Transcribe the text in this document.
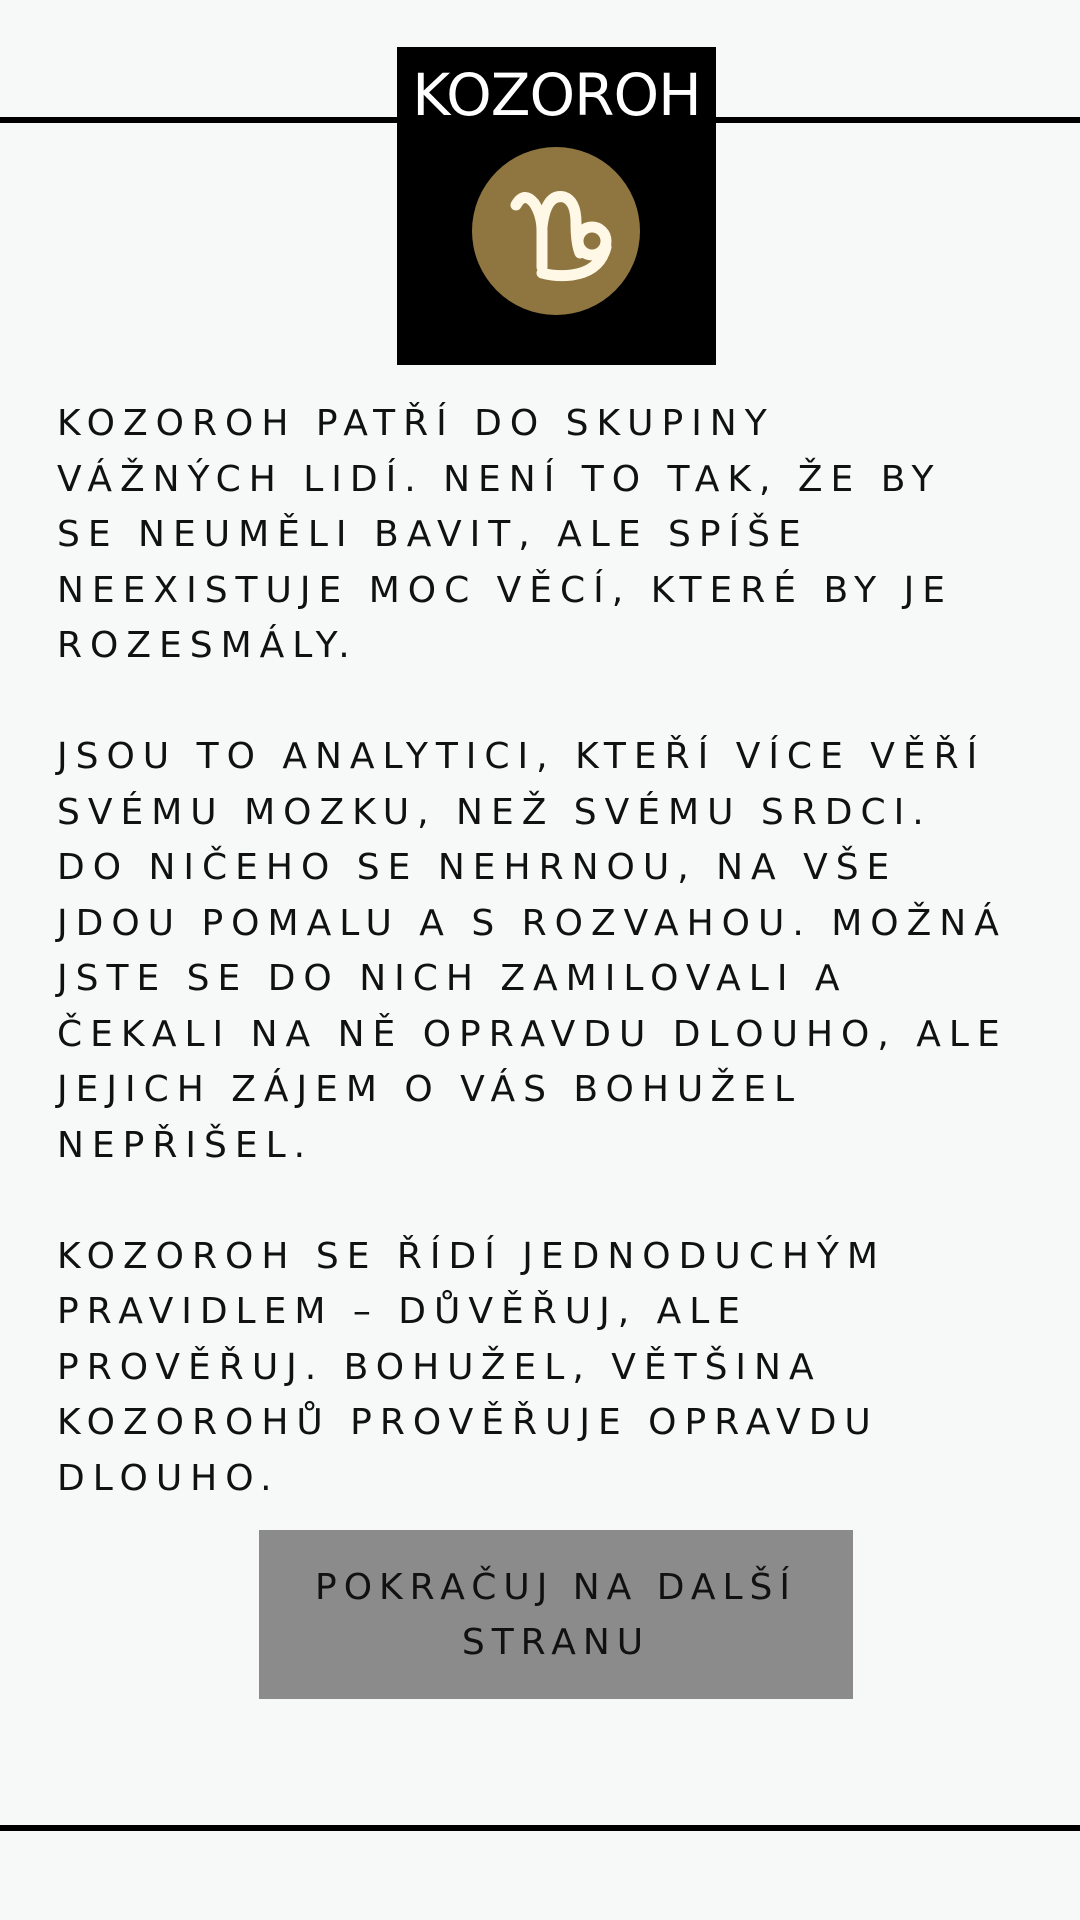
KOZOROH

KOZOROH PATŘÍ DO SKUPINY VÁŽNÝCH LIDÍ. NENÍ TO TAK, ŽE BY SE NEUMĚLI BAVIT, ALE SPÍŠE NEEXISTUJE MOC VĚCÍ, KTERÉ BY JE ROZESMÁLY.

JSOU TO ANALYTICI, KTEŘÍ VÍCE VĚŘÍ SVÉMU MOZKU, NEŽ SVÉMU SRDCI. DO NIČEHO SE NEHRNOU, NA VŠE JDOU POMALU A S ROZVAHOU. MOŽNÁ JSTE SE DO NICH ZAMILOVALI A ČEKALI NA NĚ OPRAVDU DLOUHO, ALE JEJICH ZÁJEM O VÁS BOHUŽEL NEPŘIŠEL.

KOZOROH SE ŘÍDÍ JEDNODUCHÝM PRAVIDLEM – DŮVĚŘUJ, ALE PROVĚŘUJ. BOHUŽEL, VĚTŠINA KOZOROHŮ PROVĚŘUJE OPRAVDU DLOUHO.

POKRAČUJ NA DALŠÍ STRANU
